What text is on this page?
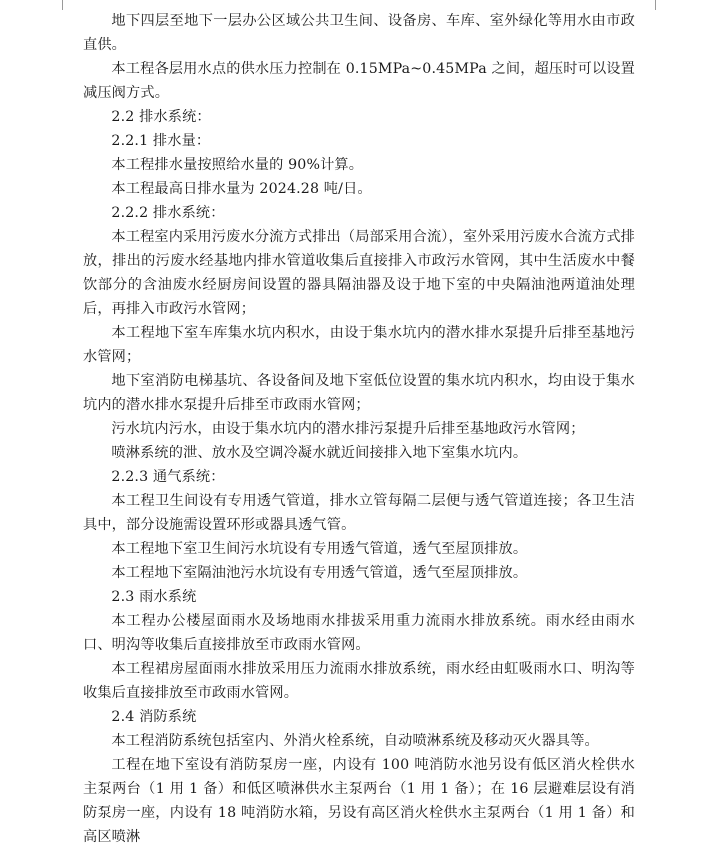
地下四层至地下一层办公区域公共卫生间、设备房、车库、室外绿化等用水由市政直供。

本工程各层用水点的供水压力控制在 0.15MPa~0.45MPa 之间，超压时可以设置减压阀方式。

2.2 排水系统：

2.2.1 排水量：

本工程排水量按照给水量的 90%计算。

本工程最高日排水量为 2024.28 吨/日。

2.2.2 排水系统：

本工程室内采用污废水分流方式排出（局部采用合流），室外采用污废水合流方式排放，排出的污废水经基地内排水管道收集后直接排入市政污水管网，其中生活废水中餐饮部分的含油废水经厨房间设置的器具隔油器及设于地下室的中央隔油池两道油处理后，再排入市政污水管网；

本工程地下室车库集水坑内积水，由设于集水坑内的潜水排水泵提升后排至基地污水管网；

地下室消防电梯基坑、各设备间及地下室低位设置的集水坑内积水，均由设于集水坑内的潜水排水泵提升后排至市政雨水管网；

污水坑内污水，由设于集水坑内的潜水排污泵提升后排至基地政污水管网；

喷淋系统的泄、放水及空调冷凝水就近间接排入地下室集水坑内。

2.2.3 通气系统：

本工程卫生间设有专用透气管道，排水立管每隔二层便与透气管道连接；各卫生洁具中，部分设施需设置环形或器具透气管。

本工程地下室卫生间污水坑设有专用透气管道，透气至屋顶排放。

本工程地下室隔油池污水坑设有专用透气管道，透气至屋顶排放。

2.3 雨水系统

本工程办公楼屋面雨水及场地雨水排拔采用重力流雨水排放系统。雨水经由雨水口、明沟等收集后直接排放至市政雨水管网。

本工程裙房屋面雨水排放采用压力流雨水排放系统，雨水经由虹吸雨水口、明沟等收集后直接排放至市政雨水管网。

2.4 消防系统

本工程消防系统包括室内、外消火栓系统，自动喷淋系统及移动灭火器具等。

工程在地下室设有消防泵房一座，内设有 100 吨消防水池另设有低区消火栓供水主泵两台（1 用 1 备）和低区喷淋供水主泵两台（1 用 1 备）；在 16 层避难层设有消防泵房一座，内设有 18 吨消防水箱，另设有高区消火栓供水主泵两台（1 用 1 备）和高区喷淋
